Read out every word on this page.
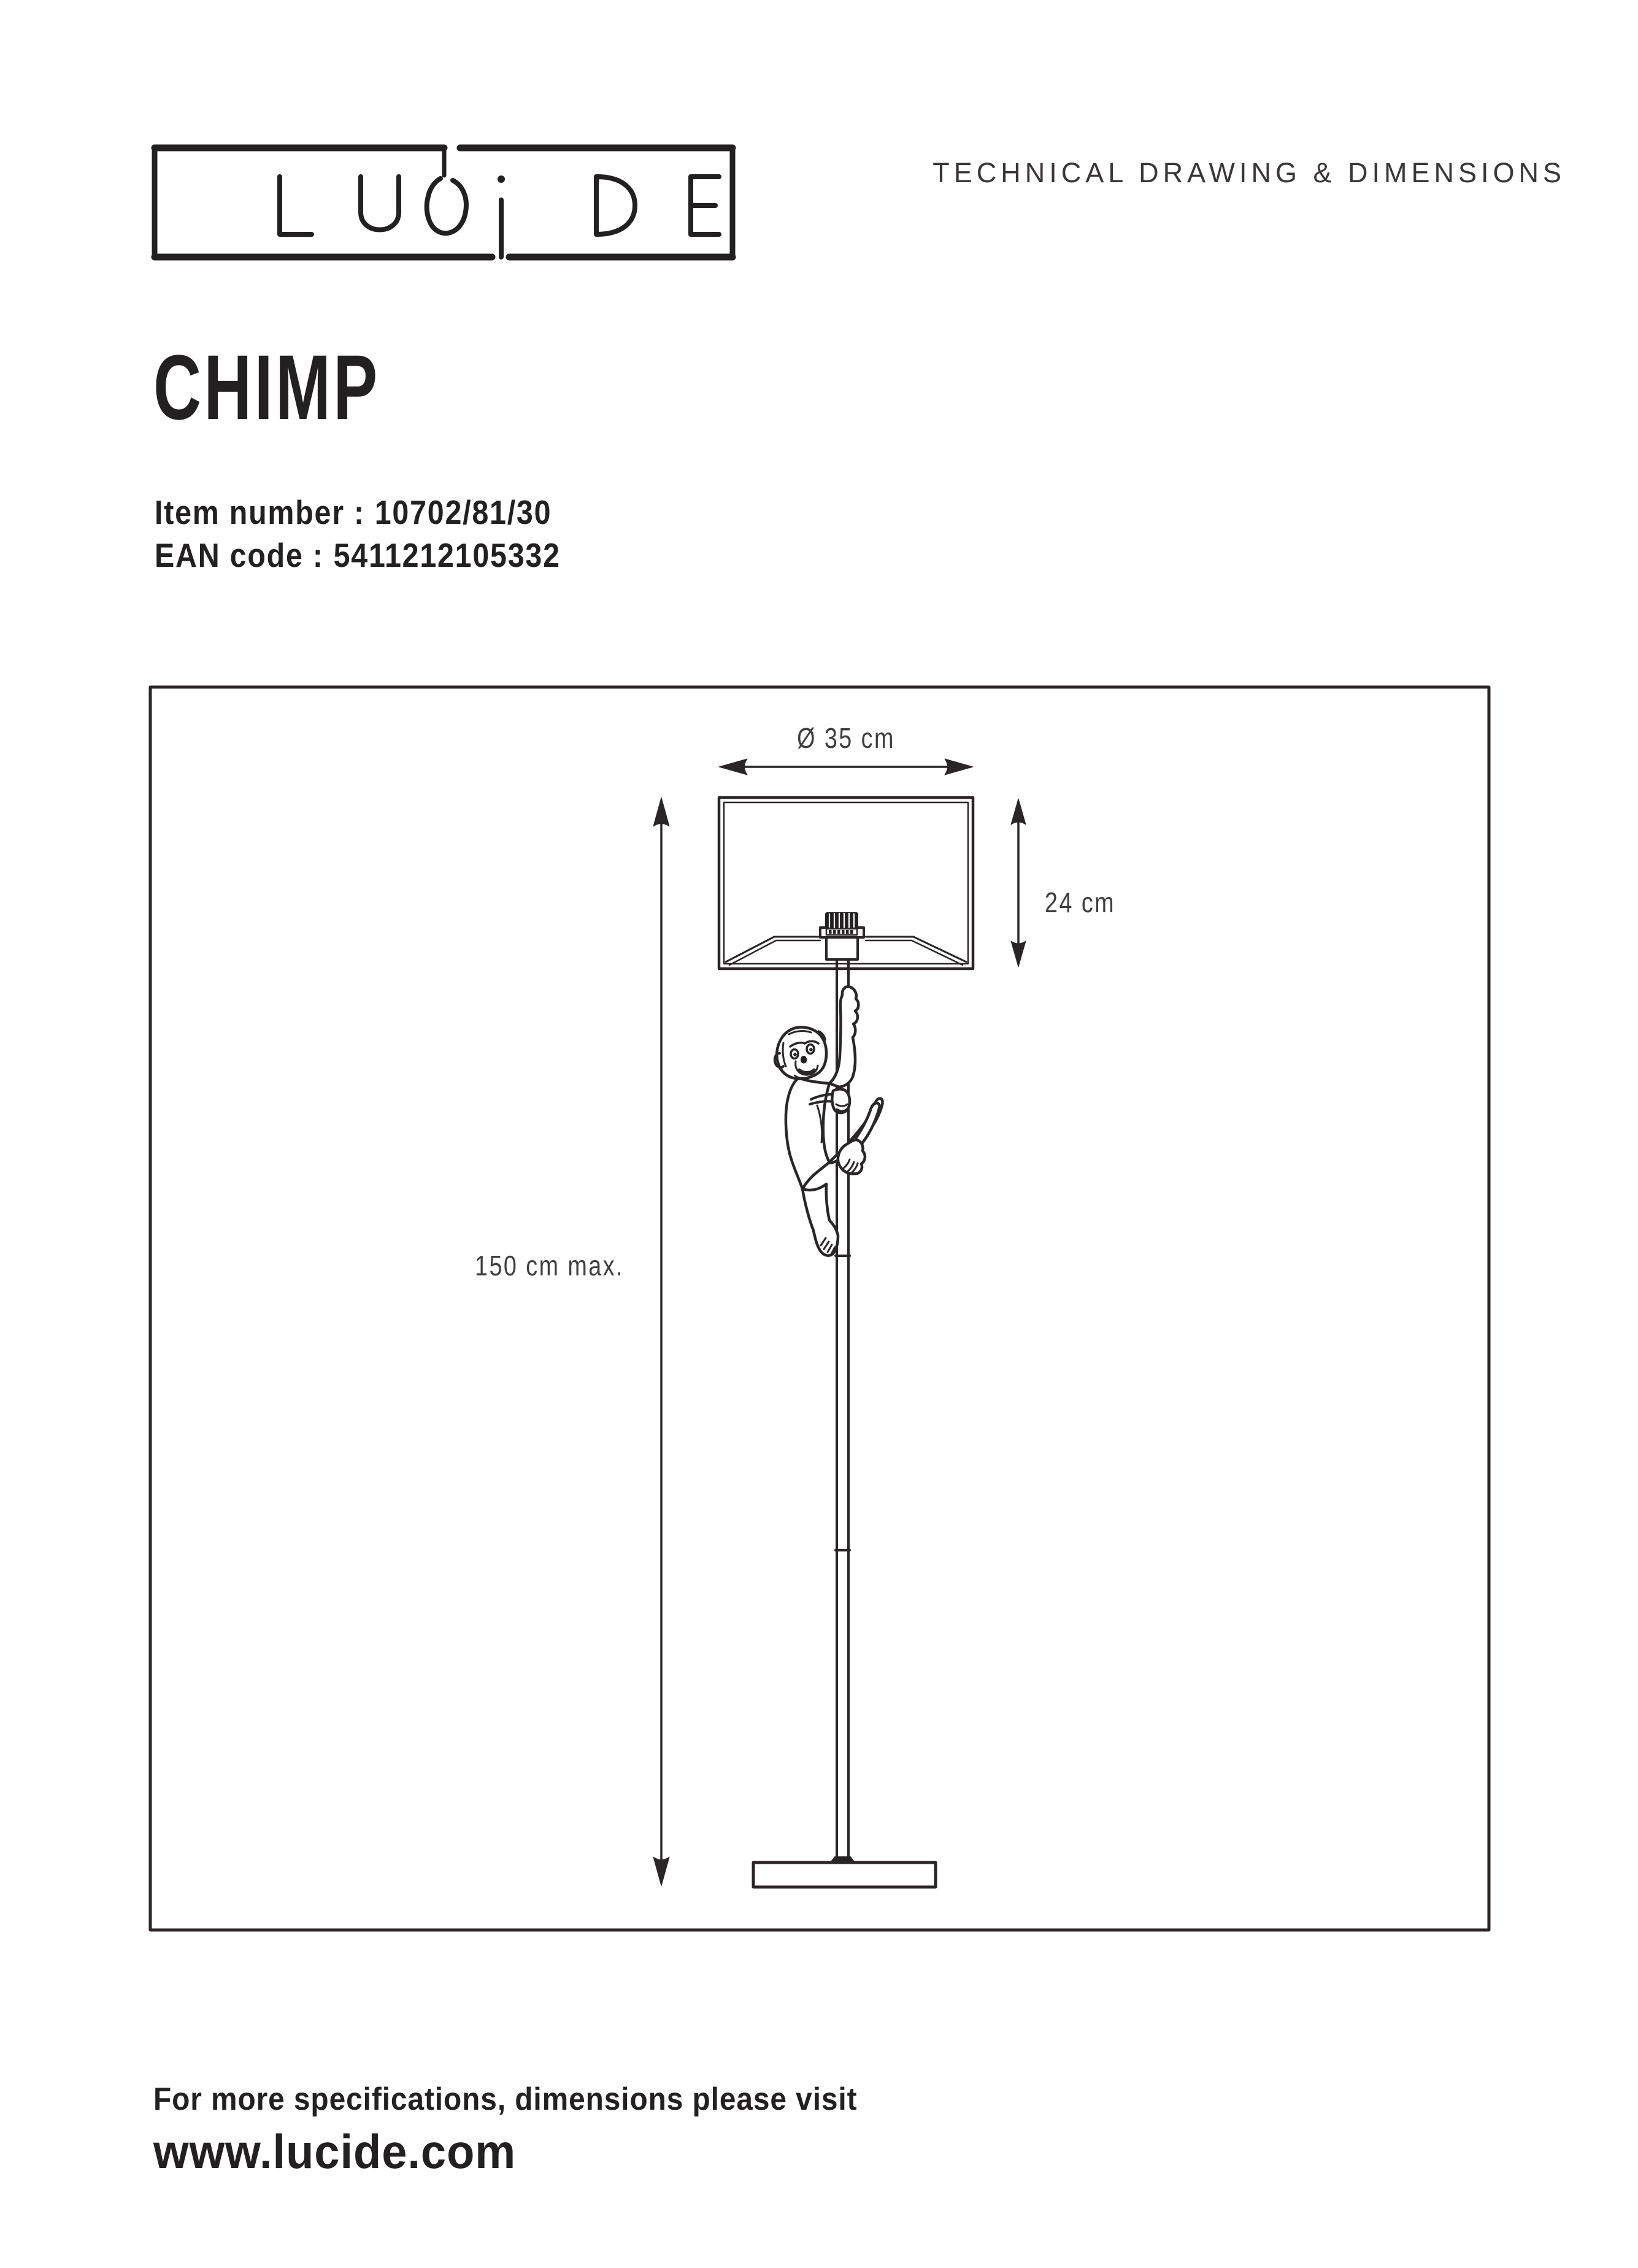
TECHNICAL DRAWING & DIMENSIONS
CHIMP
Item number : 10702/81/30
EAN code : 5411212105332
Ø 35 cm
24 cm
150 cm max.
For more specifications, dimensions please visit
www.lucide.com
